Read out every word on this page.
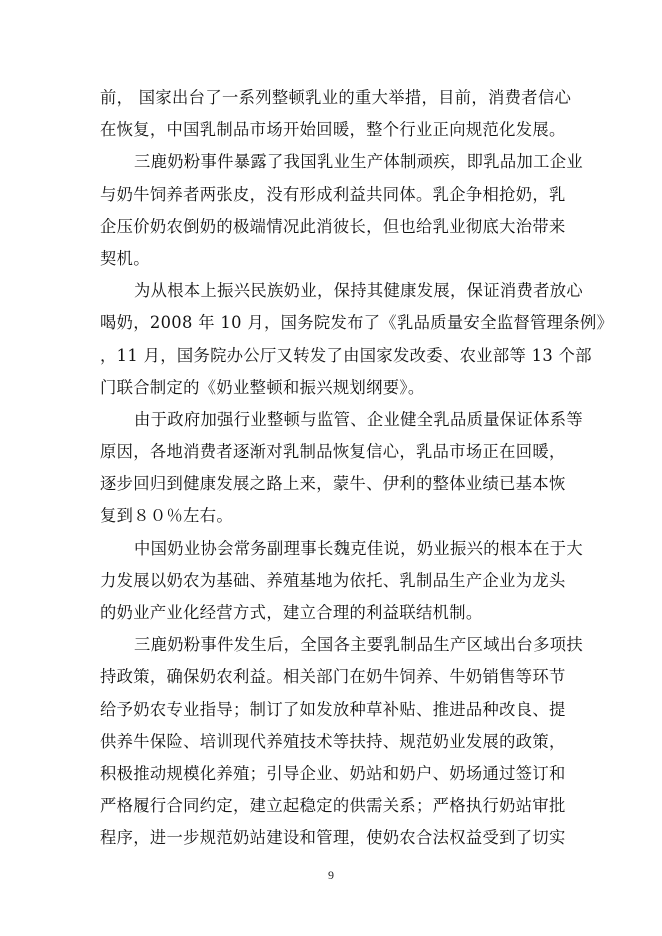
前， 国家出台了一系列整顿乳业的重大举措，目前，消费者信心
在恢复，中国乳制品市场开始回暖，整个行业正向规范化发展。
三鹿奶粉事件暴露了我国乳业生产体制顽疾，即乳品加工企业
与奶牛饲养者两张皮，没有形成利益共同体。乳企争相抢奶，乳
企压价奶农倒奶的极端情况此消彼长，但也给乳业彻底大治带来
契机。
为从根本上振兴民族奶业，保持其健康发展，保证消费者放心
喝奶，2008 年 10 月，国务院发布了《乳品质量安全监督管理条例》
，11 月，国务院办公厅又转发了由国家发改委、农业部等 13 个部
门联合制定的《奶业整顿和振兴规划纲要》。
由于政府加强行业整顿与监管、企业健全乳品质量保证体系等
原因，各地消费者逐渐对乳制品恢复信心，乳品市场正在回暖，
逐步回归到健康发展之路上来，蒙牛、伊利的整体业绩已基本恢
复到８０％左右。
中国奶业协会常务副理事长魏克佳说，奶业振兴的根本在于大
力发展以奶农为基础、养殖基地为依托、乳制品生产企业为龙头
的奶业产业化经营方式，建立合理的利益联结机制。
三鹿奶粉事件发生后，全国各主要乳制品生产区域出台多项扶
持政策，确保奶农利益。相关部门在奶牛饲养、牛奶销售等环节
给予奶农专业指导；制订了如发放种草补贴、推进品种改良、提
供养牛保险、培训现代养殖技术等扶持、规范奶业发展的政策，
积极推动规模化养殖；引导企业、奶站和奶户、奶场通过签订和
严格履行合同约定，建立起稳定的供需关系；严格执行奶站审批
程序，进一步规范奶站建设和管理，使奶农合法权益受到了切实
9
